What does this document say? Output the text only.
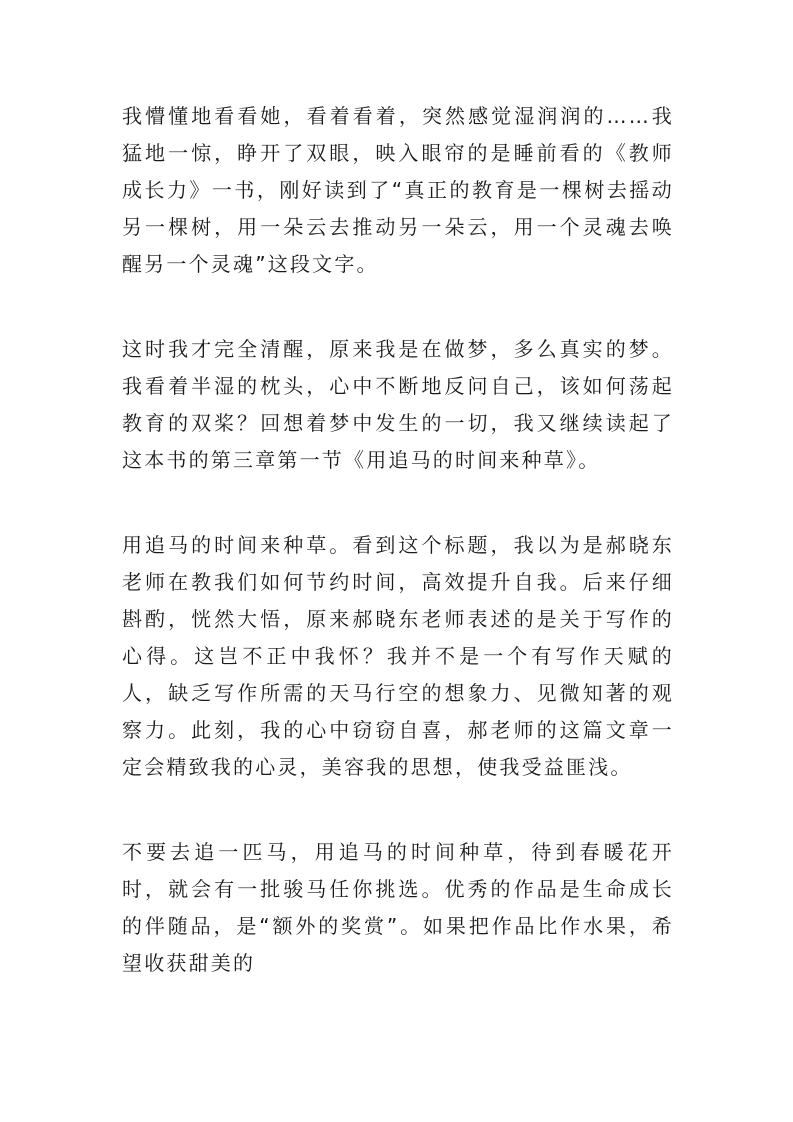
我懵懂地看看她，看着看着，突然感觉湿润润的……我猛地一惊，睁开了双眼，映入眼帘的是睡前看的《教师成长力》一书，刚好读到了“真正的教育是一棵树去摇动另一棵树，用一朵云去推动另一朵云，用一个灵魂去唤醒另一个灵魂”这段文字。

这时我才完全清醒，原来我是在做梦，多么真实的梦。我看着半湿的枕头，心中不断地反问自己，该如何荡起教育的双桨？回想着梦中发生的一切，我又继续读起了这本书的第三章第一节《用追马的时间来种草》。

用追马的时间来种草。看到这个标题，我以为是郝晓东老师在教我们如何节约时间，高效提升自我。后来仔细斟酌，恍然大悟，原来郝晓东老师表述的是关于写作的心得。这岂不正中我怀？我并不是一个有写作天赋的人，缺乏写作所需的天马行空的想象力、见微知著的观察力。此刻，我的心中窃窃自喜，郝老师的这篇文章一定会精致我的心灵，美容我的思想，使我受益匪浅。

不要去追一匹马，用追马的时间种草，待到春暖花开时，就会有一批骏马任你挑选。优秀的作品是生命成长的伴随品，是“额外的奖赏”。如果把作品比作水果，希望收获甜美的
